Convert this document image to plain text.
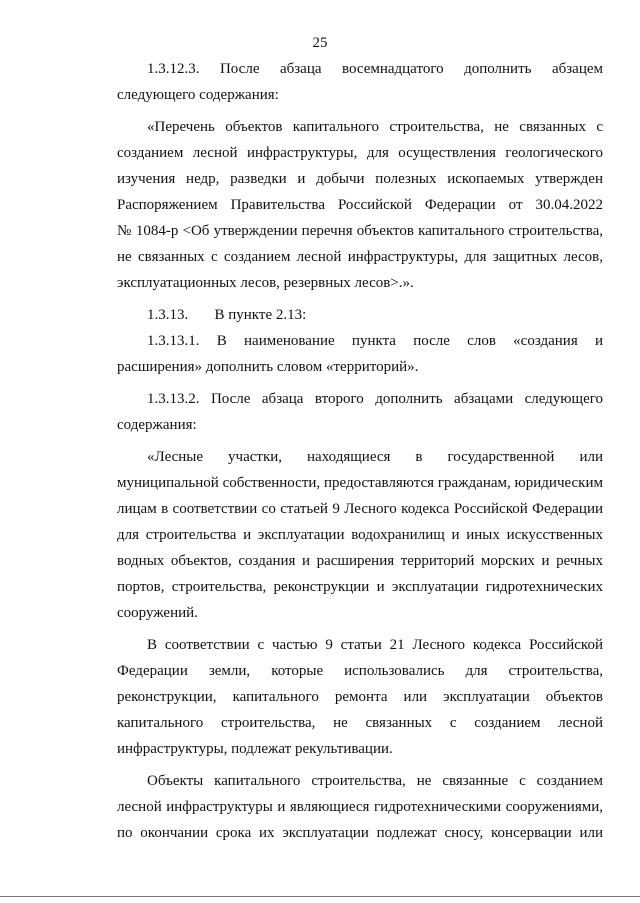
25
1.3.12.3. После абзаца восемнадцатого дополнить абзацем
следующего содержания:
«Перечень объектов капитального строительства, не связанных с
созданием лесной инфраструктуры, для осуществления геологического
изучения недр, разведки и добычи полезных ископаемых утвержден
Распоряжением Правительства Российской Федерации от 30.04.2022
№ 1084-р <Об утверждении перечня объектов капитального строительства,
не связанных с созданием лесной инфраструктуры, для защитных лесов,
эксплуатационных лесов, резервных лесов>.».
1.3.13.       В пункте 2.13:
1.3.13.1. В наименование пункта после слов «создания и
расширения» дополнить словом «территорий».
1.3.13.2. После абзаца второго дополнить абзацами следующего
содержания:
«Лесные участки, находящиеся в государственной или
муниципальной собственности, предоставляются гражданам, юридическим
лицам в соответствии со статьей 9 Лесного кодекса Российской Федерации
для строительства и эксплуатации водохранилищ и иных искусственных
водных объектов, создания и расширения территорий морских и речных
портов, строительства, реконструкции и эксплуатации гидротехнических
сооружений.
В соответствии с частью 9 статьи 21 Лесного кодекса Российской
Федерации земли, которые использовались для строительства,
реконструкции, капитального ремонта или эксплуатации объектов
капитального строительства, не связанных с созданием лесной
инфраструктуры, подлежат рекультивации.
Объекты капитального строительства, не связанные с созданием
лесной инфраструктуры и являющиеся гидротехническими сооружениями,
по окончании срока их эксплуатации подлежат сносу, консервации или
